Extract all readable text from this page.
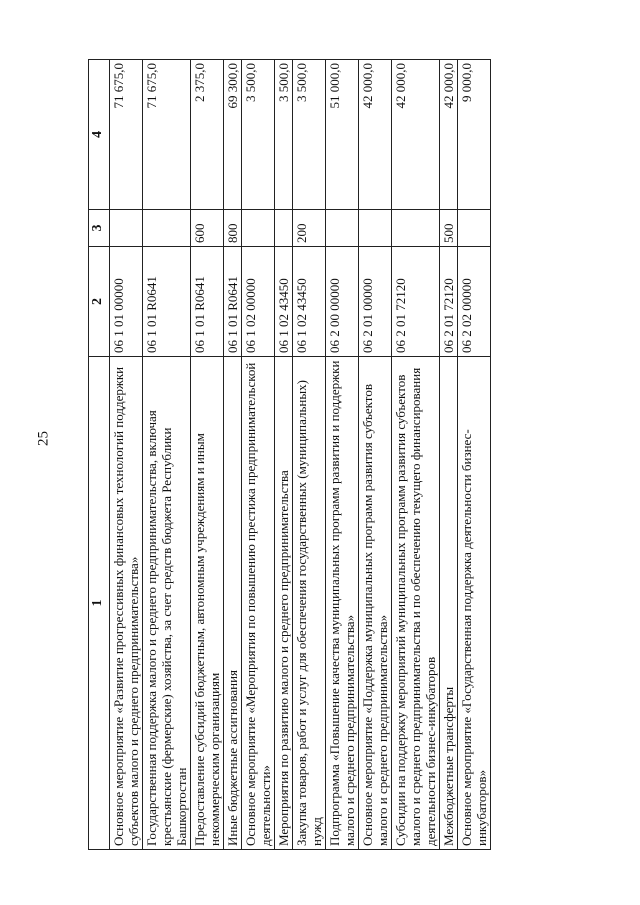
25
1	2	3	4
Основное мероприятие «Развитие прогрессивных финансовых технологий поддержки субъектов малого и среднего предпринимательства»	06 1 01 00000		71 675,0
Государственная поддержка малого и среднего предпринимательства, включая крестьянские (фермерские) хозяйства, за счет средств бюджета Республики Башкортостан	06 1 01 R0641		71 675,0
Предоставление субсидий бюджетным, автономным учреждениям и иным некоммерческим организациям	06 1 01 R0641	600	2 375,0
Иные бюджетные ассигнования	06 1 01 R0641	800	69 300,0
Основное мероприятие «Мероприятия по повышению престижа предпринимательской деятельности»	06 1 02 00000		3 500,0
Мероприятия по развитию малого и среднего предпринимательства	06 1 02 43450		3 500,0
Закупка товаров, работ и услуг для обеспечения государственных (муниципальных) нужд	06 1 02 43450	200	3 500,0
Подпрограмма «Повышение качества муниципальных программ развития и поддержки малого и среднего предпринимательства»	06 2 00 00000		51 000,0
Основное мероприятие «Поддержка муниципальных программ развития субъектов малого и среднего предпринимательства»	06 2 01 00000		42 000,0
Субсидии на поддержку мероприятий муниципальных программ развития субъектов малого и среднего предпринимательства и по обеспечению текущего финансирования деятельности бизнес-инкубаторов	06 2 01 72120		42 000,0
Межбюджетные трансферты	06 2 01 72120	500	42 000,0
Основное мероприятие «Государственная поддержка деятельности бизнес-инкубаторов»	06 2 02 00000		9 000,0
